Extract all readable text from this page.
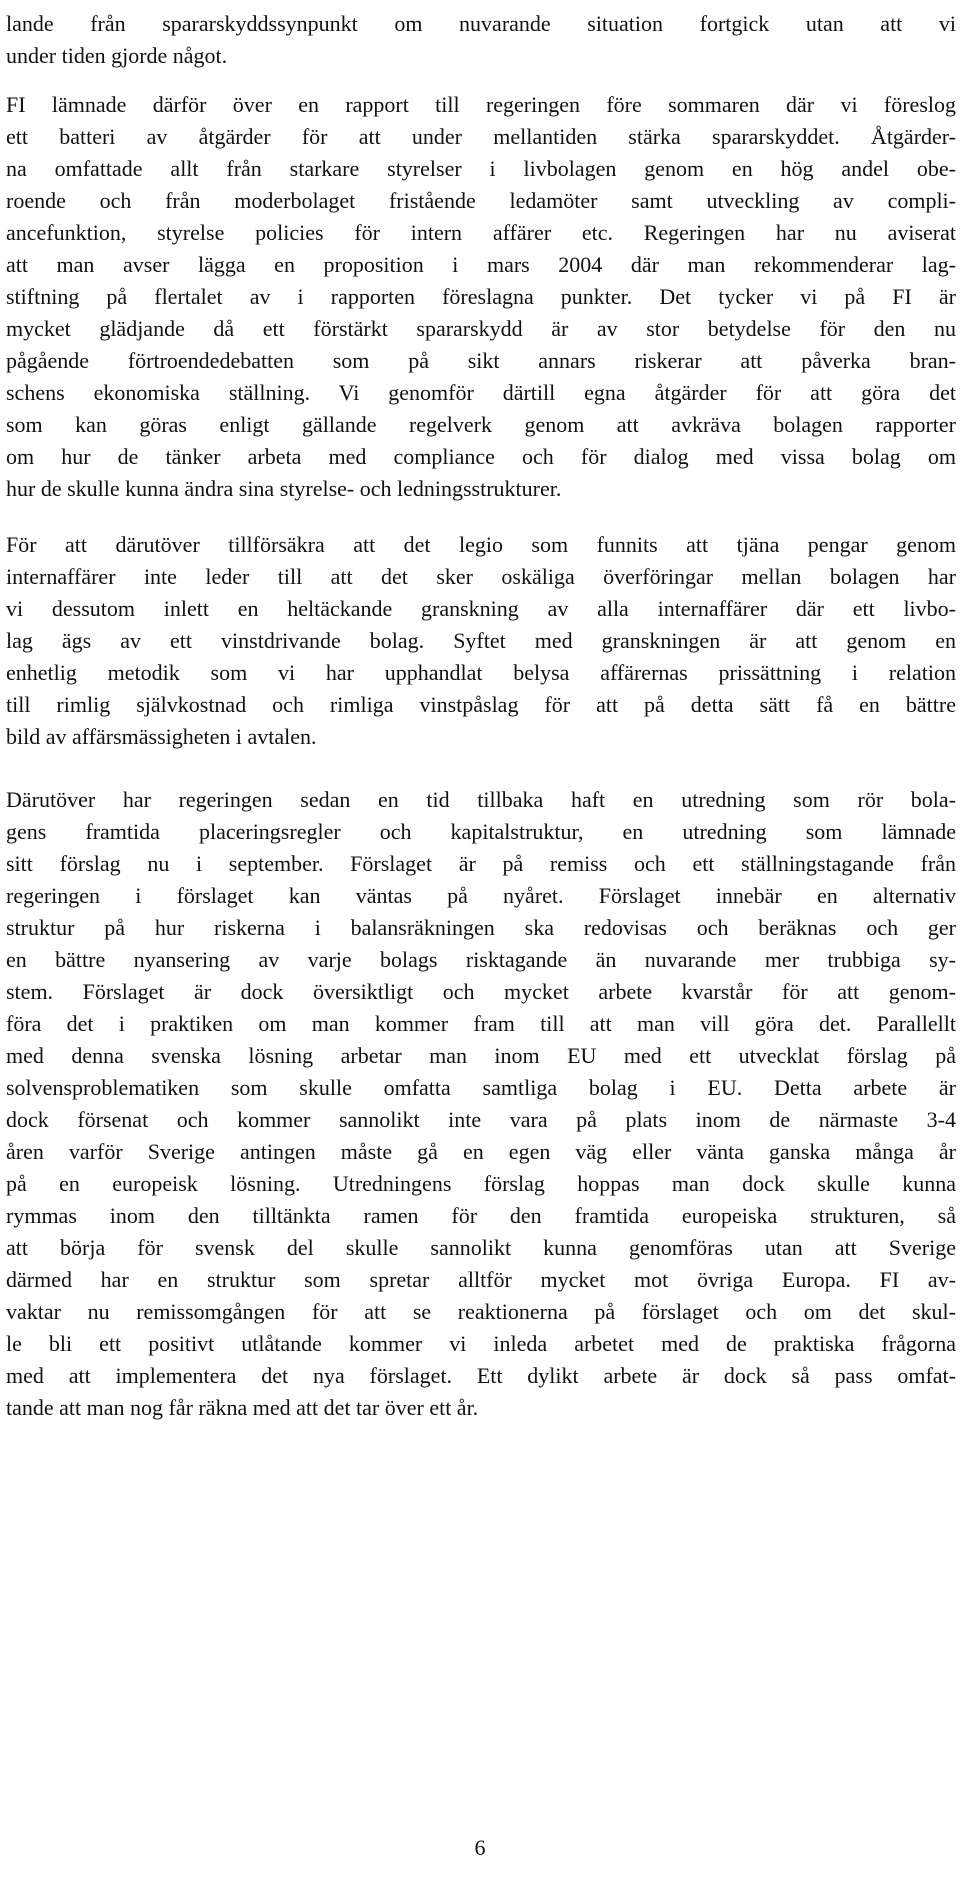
lande från spararskyddssynpunkt om nuvarande situation fortgick utan att vi
under tiden gjorde något.
FI lämnade därför över en rapport till regeringen före sommaren där vi föreslog
ett batteri av åtgärder för att under mellantiden stärka spararskyddet. Åtgärder-
na omfattade allt från starkare styrelser i livbolagen genom en hög andel obe-
roende och från moderbolaget fristående ledamöter samt utveckling av compli-
ancefunktion, styrelse policies för intern affärer etc. Regeringen har nu aviserat
att man avser lägga en proposition i mars 2004 där man rekommenderar lag-
stiftning på flertalet av i rapporten föreslagna punkter. Det tycker vi på FI är
mycket glädjande då ett förstärkt spararskydd är av stor betydelse för den nu
pågående förtroendedebatten som på sikt annars riskerar att påverka bran-
schens ekonomiska ställning. Vi genomför därtill egna åtgärder för att göra det
som kan göras enligt gällande regelverk genom att avkräva bolagen rapporter
om hur de tänker arbeta med compliance och för dialog med vissa bolag om
hur de skulle kunna ändra sina styrelse- och ledningsstrukturer.
För att därutöver tillförsäkra att det legio som funnits att tjäna pengar genom
internaffärer inte leder till att det sker oskäliga överföringar mellan bolagen har
vi dessutom inlett en heltäckande granskning av alla internaffärer där ett livbo-
lag ägs av ett vinstdrivande bolag. Syftet med granskningen är att genom en
enhetlig metodik som vi har upphandlat belysa affärernas prissättning i relation
till rimlig självkostnad och rimliga vinstpåslag för att på detta sätt få en bättre
bild av affärsmässigheten i avtalen.
Därutöver har regeringen sedan en tid tillbaka haft en utredning som rör bola-
gens framtida placeringsregler och kapitalstruktur, en utredning som lämnade
sitt förslag nu i september. Förslaget är på remiss och ett ställningstagande från
regeringen i förslaget kan väntas på nyåret. Förslaget innebär en alternativ
struktur på hur riskerna i balansräkningen ska redovisas och beräknas och ger
en bättre nyansering av varje bolags risktagande än nuvarande mer trubbiga sy-
stem. Förslaget är dock översiktligt och mycket arbete kvarstår för att genom-
föra det i praktiken om man kommer fram till att man vill göra det. Parallellt
med denna svenska lösning arbetar man inom EU med ett utvecklat förslag på
solvensproblematiken som skulle omfatta samtliga bolag i EU. Detta arbete är
dock försenat och kommer sannolikt inte vara på plats inom de närmaste 3-4
åren varför Sverige antingen måste gå en egen väg eller vänta ganska många år
på en europeisk lösning. Utredningens förslag hoppas man dock skulle kunna
rymmas inom den tilltänkta ramen för den framtida europeiska strukturen, så
att börja för svensk del skulle sannolikt kunna genomföras utan att Sverige
därmed har en struktur som spretar alltför mycket mot övriga Europa. FI av-
vaktar nu remissomgången för att se reaktionerna på förslaget och om det skul-
le bli ett positivt utlåtande kommer vi inleda arbetet med de praktiska frågorna
med att implementera det nya förslaget. Ett dylikt arbete är dock så pass omfat-
tande att man nog får räkna med att det tar över ett år.
6
